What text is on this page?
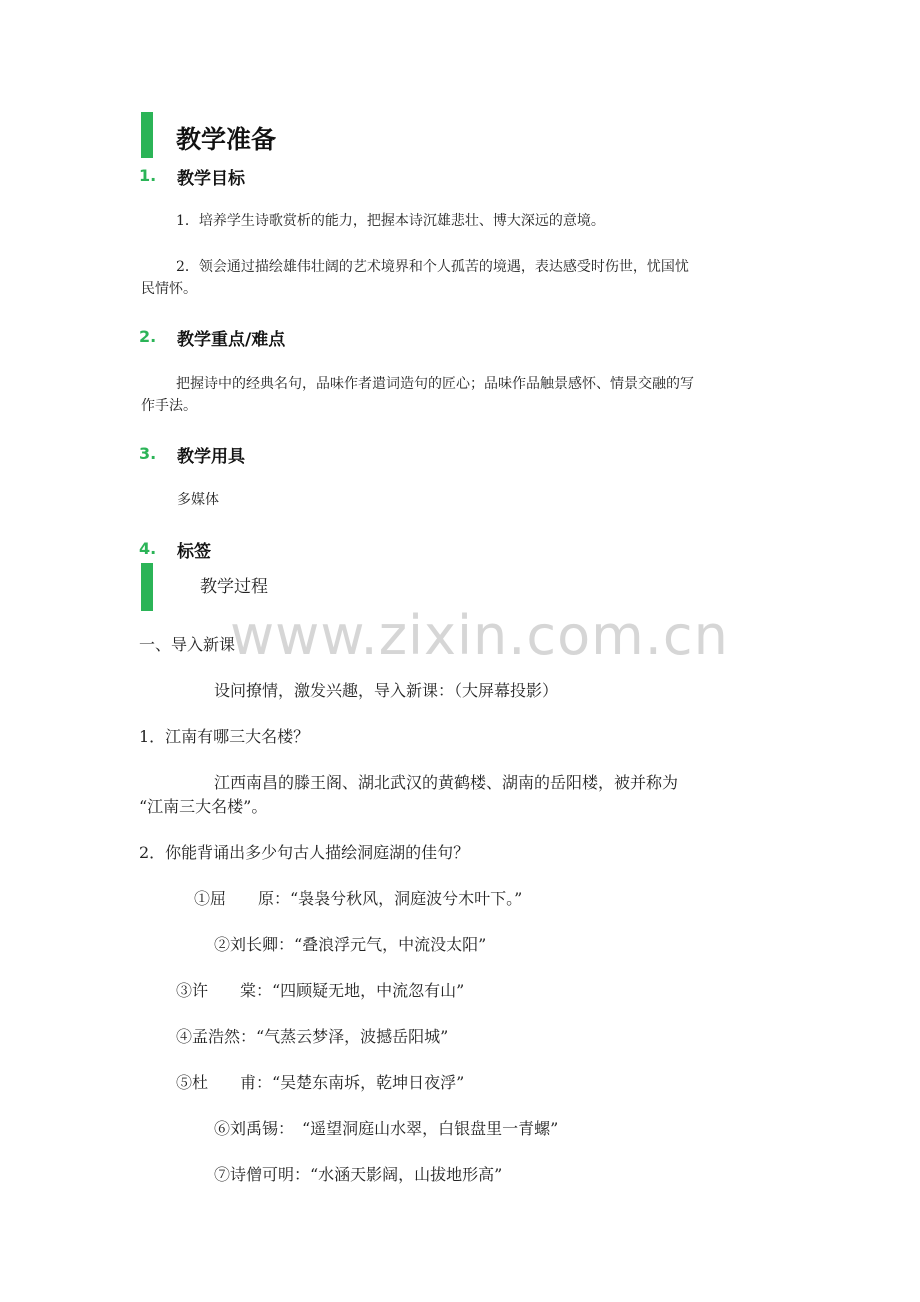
www.zixin.com.cn
教学准备
1. 教学目标
1．培养学生诗歌赏析的能力，把握本诗沉雄悲壮、博大深远的意境。
2．领会通过描绘雄伟壮阔的艺术境界和个人孤苦的境遇，表达感受时伤世，忧国忧
民情怀。
2. 教学重点/难点
把握诗中的经典名句，品味作者遣词造句的匠心；品味作品触景感怀、情景交融的写
作手法。
3. 教学用具
多媒体
4. 标签
教学过程
一、导入新课
设问撩情，激发兴趣，导入新课：（大屏幕投影）
1．江南有哪三大名楼？
江西南昌的滕王阁、湖北武汉的黄鹤楼、湖南的岳阳楼，被并称为
“江南三大名楼”。
2．你能背诵出多少句古人描绘洞庭湖的佳句？
①屈　　原：“袅袅兮秋风，洞庭波兮木叶下。”
②刘长卿：“叠浪浮元气，中流没太阳”
③许　　棠：“四顾疑无地，中流忽有山”
④孟浩然：“气蒸云梦泽，波撼岳阳城”
⑤杜　　甫：“吴楚东南坼，乾坤日夜浮”
⑥刘禹锡：　“遥望洞庭山水翠，白银盘里一青螺”
⑦诗僧可明：“水涵天影阔，山拔地形高”
